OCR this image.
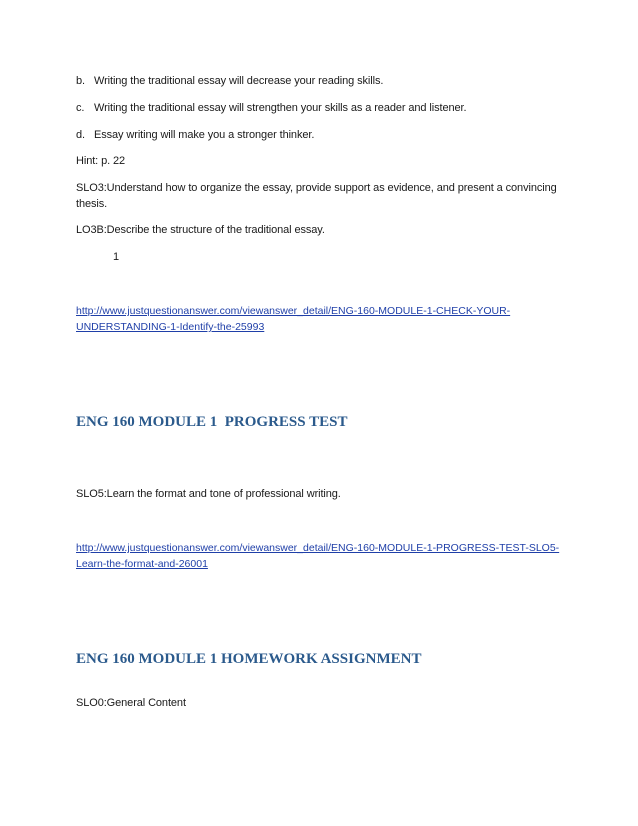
b. Writing the traditional essay will decrease your reading skills.
c. Writing the traditional essay will strengthen your skills as a reader and listener.
d. Essay writing will make you a stronger thinker.
Hint: p. 22
SLO3:Understand how to organize the essay, provide support as evidence, and present a convincing
thesis.
LO3B:Describe the structure of the traditional essay.
1
http://www.justquestionanswer.com/viewanswer_detail/ENG-160-MODULE-1-CHECK-YOUR-
UNDERSTANDING-1-Identify-the-25993
ENG 160 MODULE 1  PROGRESS TEST
SLO5:Learn the format and tone of professional writing.
http://www.justquestionanswer.com/viewanswer_detail/ENG-160-MODULE-1-PROGRESS-TEST-SLO5-
Learn-the-format-and-26001
ENG 160 MODULE 1 HOMEWORK ASSIGNMENT
SLO0:General Content
